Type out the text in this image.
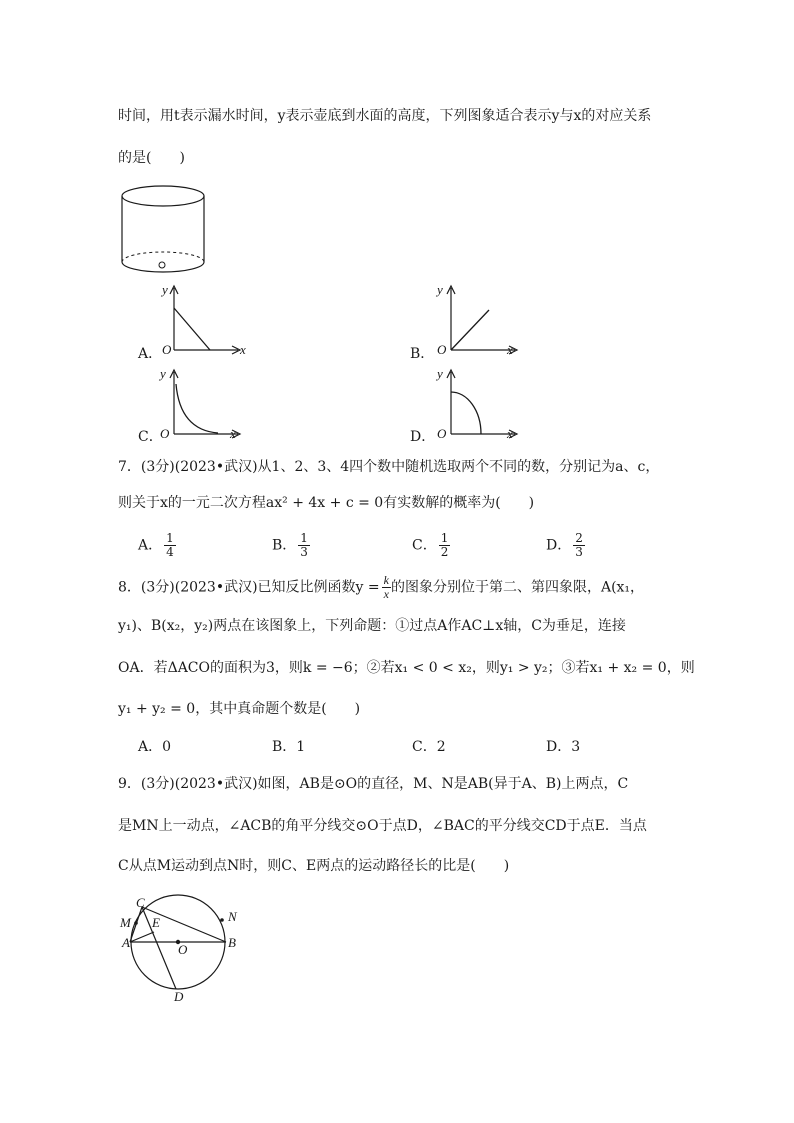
时间，用t表示漏水时间，y表示壶底到水面的高度，下列图象适合表示y与x的对应关系
的是(　　)
A． O	x
y
B． O	x
y
C．
O	x
y
D． O	x
y
7．(3分)(2023•武汉)从1、2、3、4四个数中随机选取两个不同的数，分别记为a、c，
则关于x的一元二次方程ax² + 4x + c = 0有实数解的概率为(　　)
A． $\frac{1}{4}$	B． $\frac{1}{3}$	C． $\frac{1}{2}$	D． $\frac{2}{3}$
8．(3分)(2023•武汉)已知反比例函数$y = \frac{k}{x}$ 的图象分别位于第二、第四象限，A(x₁，
y₁)、B(x₂，y₂)两点在该图象上，下列命题：①过点A作AC⊥x轴，C为垂足，连接
OA．若ΔACO的面积为3，则k = −6；②若x₁ < 0 < x₂，则y₁ > y₂；③若x₁ + x₂ = 0，则
y₁ + y₂ = 0，其中真命题个数是(　　)
A．0	B．1	C．2	D．3
9．(3分)(2023•武汉)如图，AB是⊙O的直径，M、N是AB(异于A、B)上两点，C
是MN上一动点，∠ACB的角平分线交⊙O于点D，∠BAC的平分线交CD于点E．当点
C从点M运动到点N时，则C、E两点的运动路径长的比是(　　)
C
M	N
A
E
O	B
D
